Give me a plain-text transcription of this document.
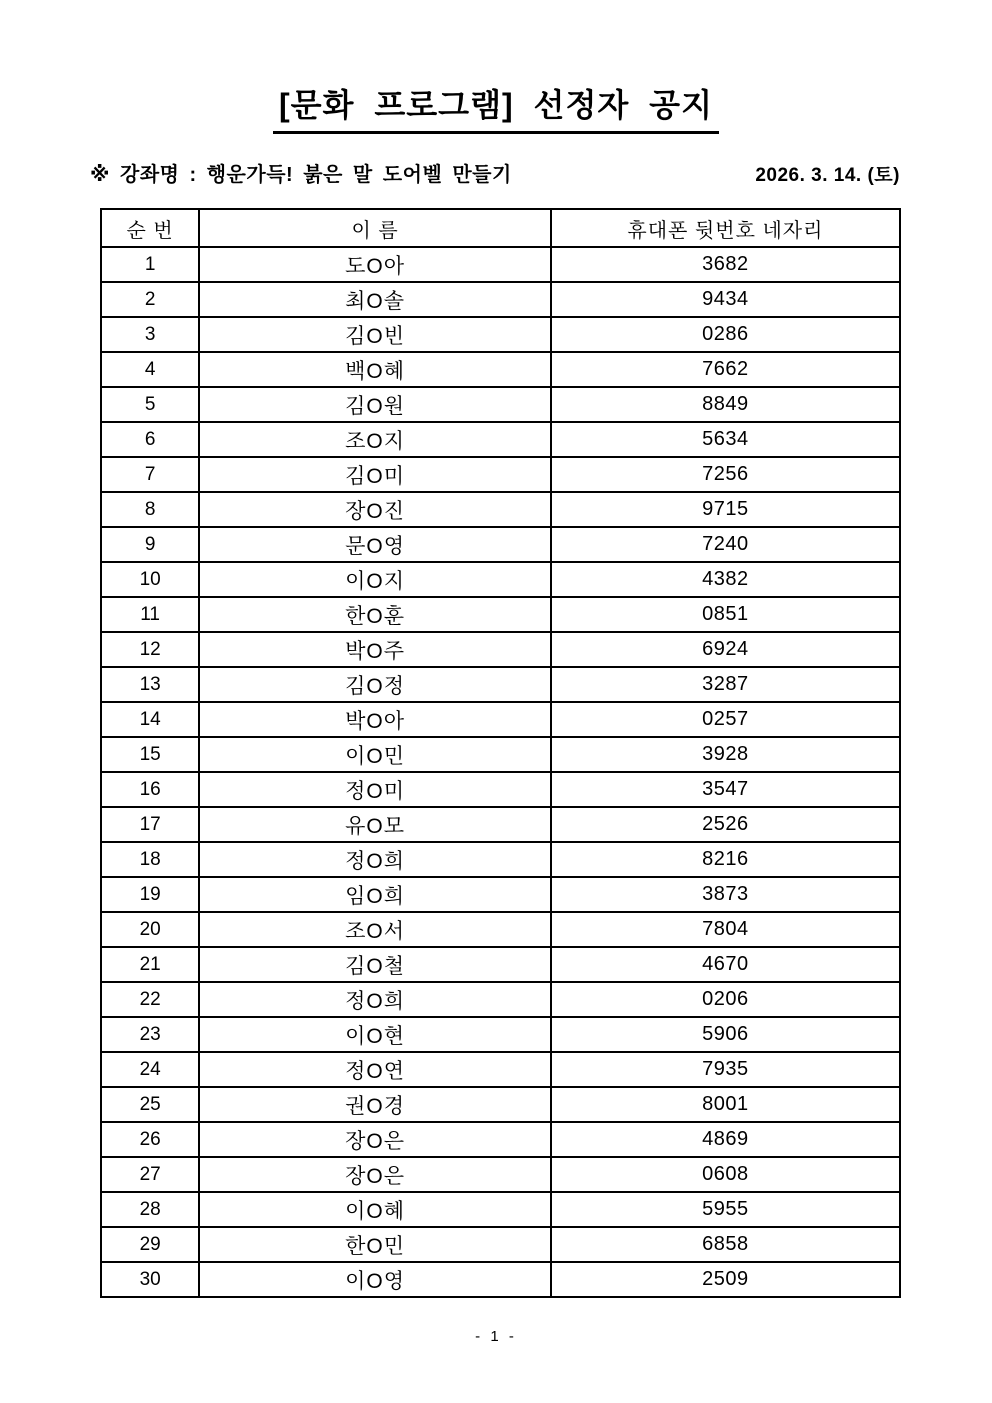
[문화 프로그램] 선정자 공지
※ 강좌명 : 행운가득! 붉은 말 도어벨 만들기	2026. 3. 14. (토)
순 번	이 름	휴대폰 뒷번호 네자리
1	도O아	3682
2	최O솔	9434
3	김O빈	0286
4	백O혜	7662
5	김O원	8849
6	조O지	5634
7	김O미	7256
8	장O진	9715
9	문O영	7240
10	이O지	4382
11	한O훈	0851
12	박O주	6924
13	김O정	3287
14	박O아	0257
15	이O민	3928
16	정O미	3547
17	유O모	2526
18	정O희	8216
19	임O희	3873
20	조O서	7804
21	김O철	4670
22	정O희	0206
23	이O현	5906
24	정O연	7935
25	권O경	8001
26	장O은	4869
27	장O은	0608
28	이O혜	5955
29	한O민	6858
30	이O영	2509
- 1 -
